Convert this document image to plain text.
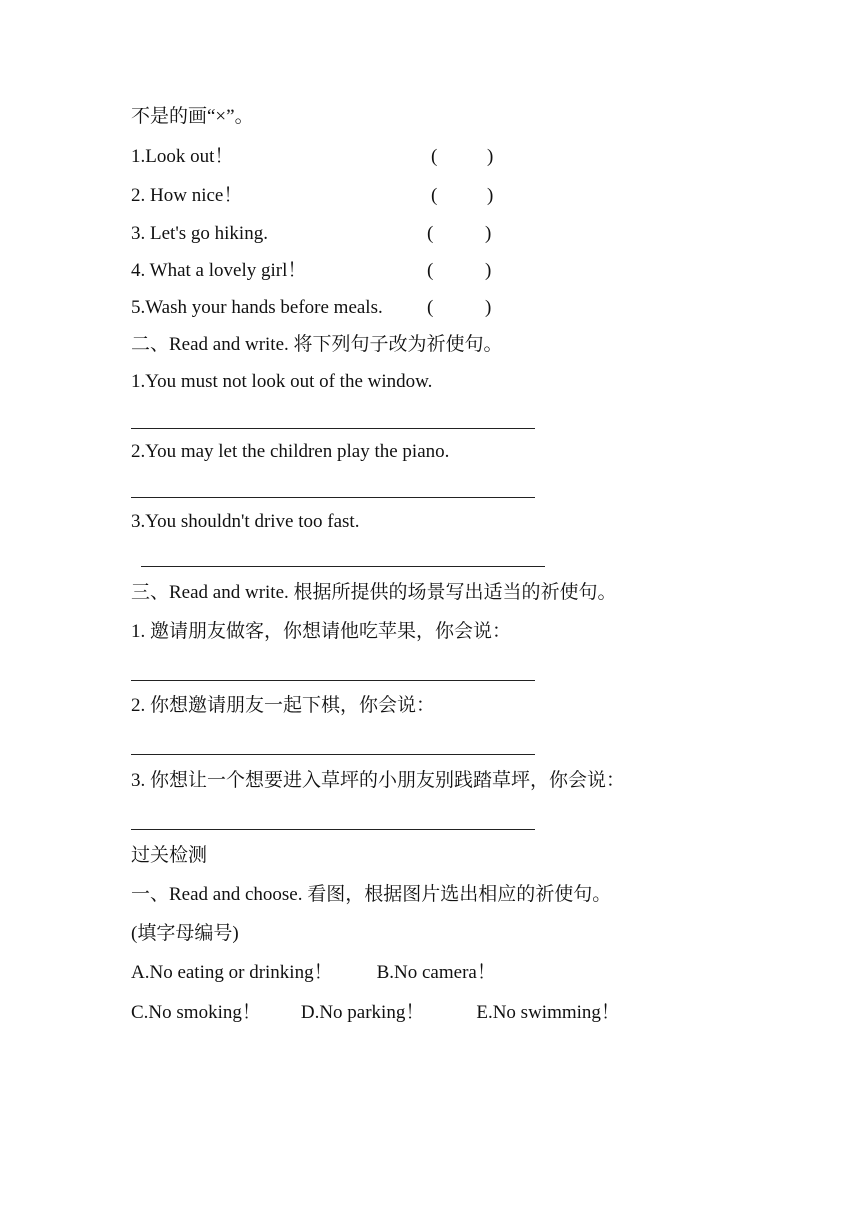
不是的画“×”。
1.Look out！	(	)
2. How nice！	(	)
3. Let's go hiking.	(	)
4. What a lovely girl！	(	)
5.Wash your hands before meals. (	)
二、Read and write. 将下列句子改为祈使句。
1.You must not look out of the window.
2.You may let the children play the piano.
3.You shouldn't drive too fast.
三、Read and write. 根据所提供的场景写出适当的祈使句。
1. 邀请朋友做客，你想请他吃苹果，你会说：
2. 你想邀请朋友一起下棋，你会说：
3. 你想让一个想要进入草坪的小朋友别践踏草坪，你会说：
过关检测
一、Read and choose. 看图，根据图片选出相应的祈使句。
(填字母编号)
A.No eating or drinking！ B.No camera！
C.No smoking！ D.No parking！	E.No swimming！
